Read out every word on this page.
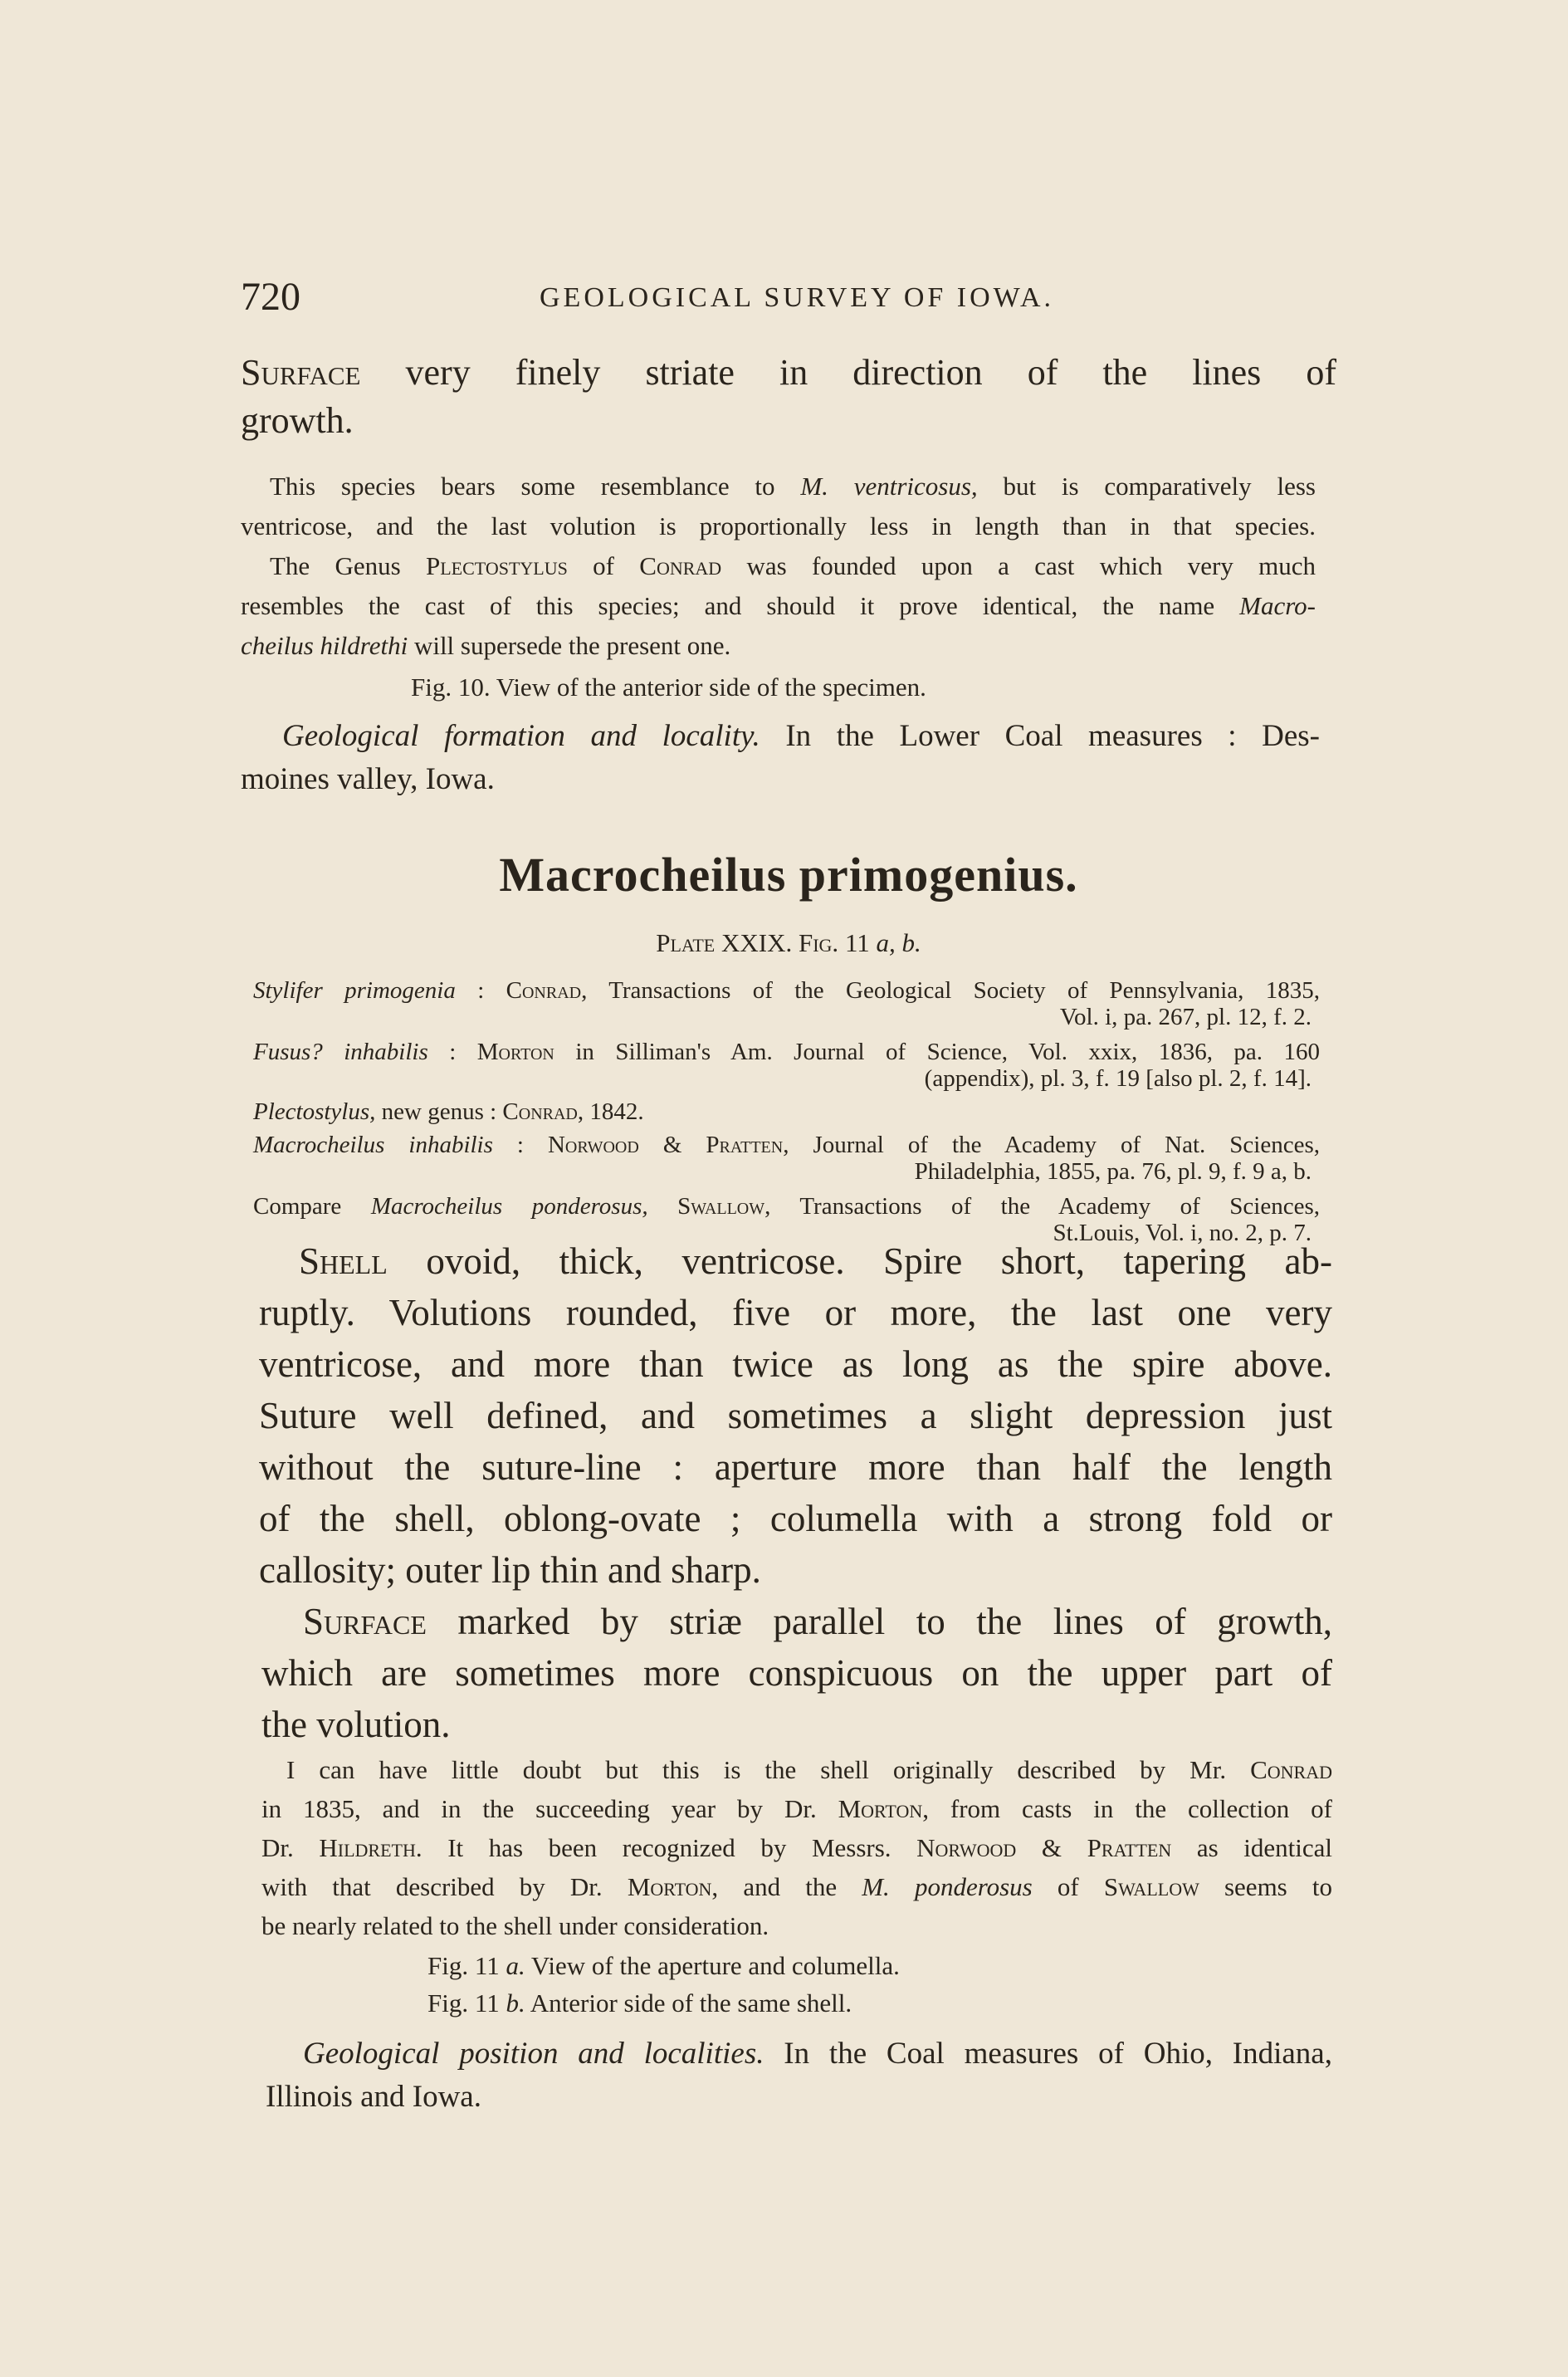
720	GEOLOGICAL SURVEY OF IOWA.
Surface very finely striate in direction of the lines of
growth.
This species bears some resemblance to M. ventricosus, but is comparatively less
ventricose, and the last volution is proportionally less in length than in that species.
The Genus Plectostylus of Conrad was founded upon a cast which very much
resembles the cast of this species; and should it prove identical, the name Macro-
cheilus hildrethi will supersede the present one.
Fig. 10. View of the anterior side of the specimen.
Geological formation and locality. In the Lower Coal measures : Des-
moines valley, Iowa.
Macrocheilus primogenius.
Plate XXIX. Fig. 11 a, b.
Stylifer primogenia : Conrad, Transactions of the Geological Society of Pennsylvania, 1835,
Vol. i, pa. 267, pl. 12, f. 2.
Fusus? inhabilis : Morton in Silliman's Am. Journal of Science, Vol. xxix, 1836, pa. 160
(appendix), pl. 3, f. 19 [also pl. 2, f. 14].
Plectostylus, new genus : Conrad, 1842.
Macrocheilus inhabilis : Norwood & Pratten, Journal of the Academy of Nat. Sciences,
Philadelphia, 1855, pa. 76, pl. 9, f. 9 a, b.
Compare Macrocheilus ponderosus, Swallow, Transactions of the Academy of Sciences,
St.Louis, Vol. i, no. 2, p. 7.
Shell ovoid, thick, ventricose. Spire short, tapering ab-
ruptly. Volutions rounded, five or more, the last one very
ventricose, and more than twice as long as the spire above.
Suture well defined, and sometimes a slight depression just
without the suture-line : aperture more than half the length
of the shell, oblong-ovate ; columella with a strong fold or
callosity; outer lip thin and sharp.
Surface marked by striæ parallel to the lines of growth,
which are sometimes more conspicuous on the upper part of
the volution.
I can have little doubt but this is the shell originally described by Mr. Conrad
in 1835, and in the succeeding year by Dr. Morton, from casts in the collection of
Dr. Hildreth. It has been recognized by Messrs. Norwood & Pratten as identical
with that described by Dr. Morton, and the M. ponderosus of Swallow seems to
be nearly related to the shell under consideration.
Fig. 11 a. View of the aperture and columella.
Fig. 11 b. Anterior side of the same shell.
Geological position and localities. In the Coal measures of Ohio, Indiana,
Illinois and Iowa.
